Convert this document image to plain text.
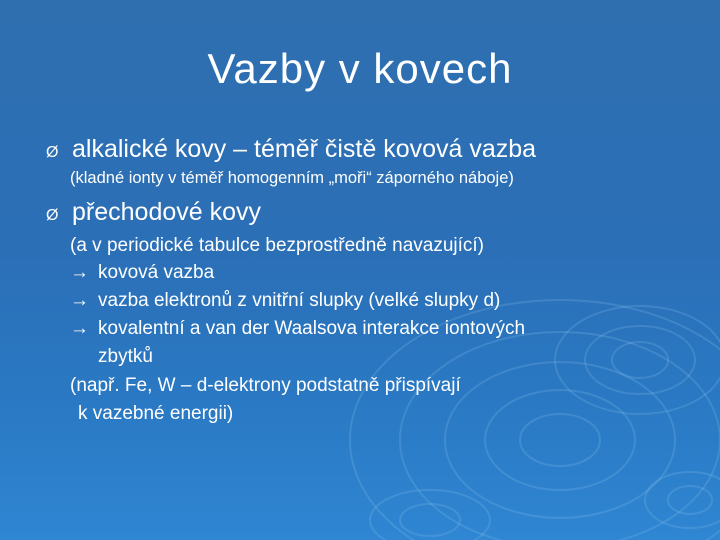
Vazby v kovech
Ø alkalické kovy – téměř čistě kovová vazba
(kladné ionty v téměř homogenním „moři“ záporného náboje)
Ø přechodové kovy
(a v periodické tabulce bezprostředně navazující)
→ kovová vazba
→ vazba elektronů z vnitřní slupky (velké slupky d)
→ kovalentní a van der Waalsova interakce iontových
zbytků
(např. Fe, W – d-elektrony podstatně přispívají
k vazebné energii)
